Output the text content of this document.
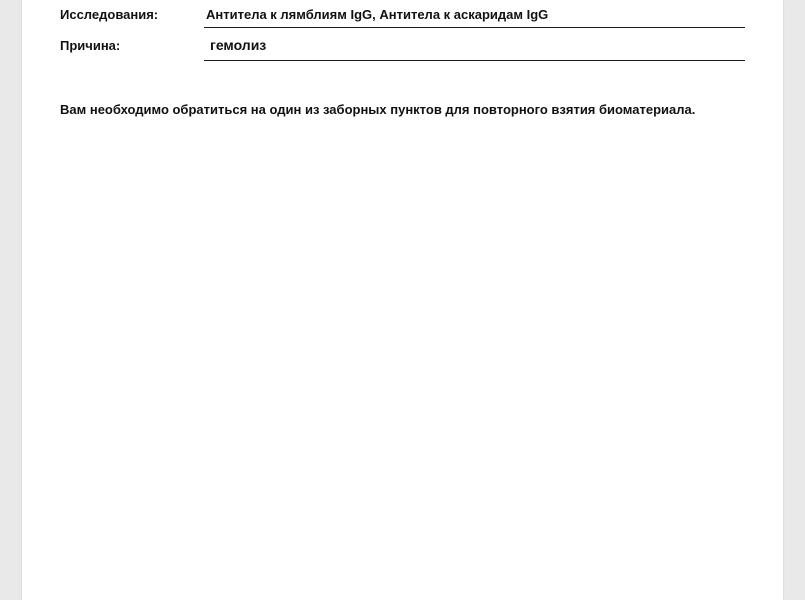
Исследования:	Антитела к лямблиям IgG, Антитела к аскаридам IgG
Причина:	гемолиз
Вам необходимо обратиться на один из заборных пунктов для повторного взятия биоматериала.
